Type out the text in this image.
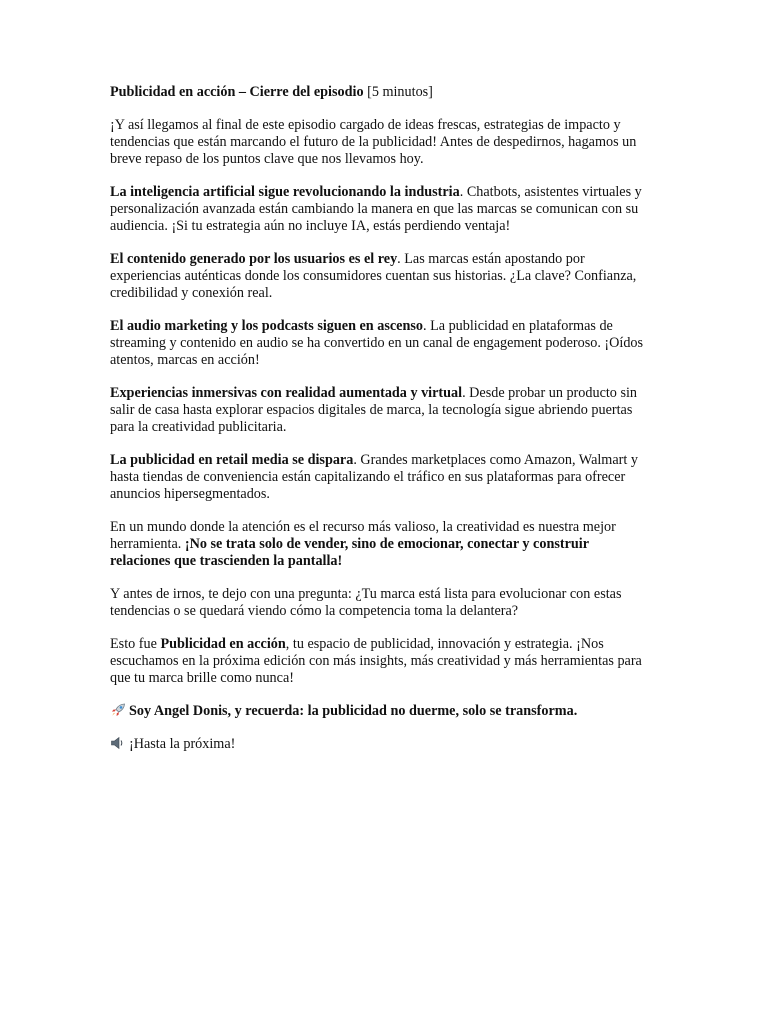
Publicidad en acción – Cierre del episodio [5 minutos]

¡Y así llegamos al final de este episodio cargado de ideas frescas, estrategias de impacto y tendencias que están marcando el futuro de la publicidad! Antes de despedirnos, hagamos un breve repaso de los puntos clave que nos llevamos hoy.

La inteligencia artificial sigue revolucionando la industria. Chatbots, asistentes virtuales y personalización avanzada están cambiando la manera en que las marcas se comunican con su audiencia. ¡Si tu estrategia aún no incluye IA, estás perdiendo ventaja!

El contenido generado por los usuarios es el rey. Las marcas están apostando por experiencias auténticas donde los consumidores cuentan sus historias. ¿La clave? Confianza, credibilidad y conexión real.

El audio marketing y los podcasts siguen en ascenso. La publicidad en plataformas de streaming y contenido en audio se ha convertido en un canal de engagement poderoso. ¡Oídos atentos, marcas en acción!

Experiencias inmersivas con realidad aumentada y virtual. Desde probar un producto sin salir de casa hasta explorar espacios digitales de marca, la tecnología sigue abriendo puertas para la creatividad publicitaria.

La publicidad en retail media se dispara. Grandes marketplaces como Amazon, Walmart y hasta tiendas de conveniencia están capitalizando el tráfico en sus plataformas para ofrecer anuncios hipersegmentados.

En un mundo donde la atención es el recurso más valioso, la creatividad es nuestra mejor herramienta. ¡No se trata solo de vender, sino de emocionar, conectar y construir relaciones que trascienden la pantalla!

Y antes de irnos, te dejo con una pregunta: ¿Tu marca está lista para evolucionar con estas tendencias o se quedará viendo cómo la competencia toma la delantera?

Esto fue Publicidad en acción, tu espacio de publicidad, innovación y estrategia. ¡Nos escuchamos en la próxima edición con más insights, más creatividad y más herramientas para que tu marca brille como nunca!

Soy Angel Donis, y recuerda: la publicidad no duerme, solo se transforma.

¡Hasta la próxima!
